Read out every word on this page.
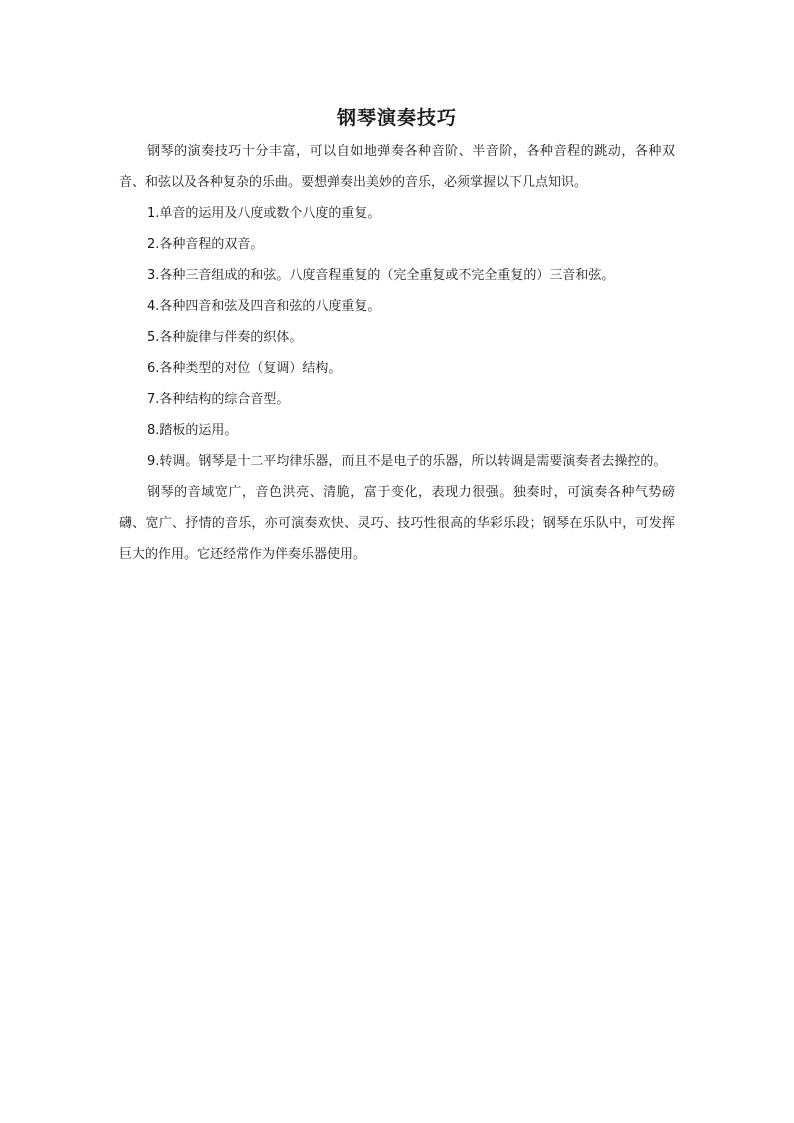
钢琴演奏技巧

钢琴的演奏技巧十分丰富，可以自如地弹奏各种音阶、半音阶，各种音程的跳动，各种双音、和弦以及各种复杂的乐曲。要想弹奏出美妙的音乐，必须掌握以下几点知识。

1.单音的运用及八度或数个八度的重复。

2.各种音程的双音。

3.各种三音组成的和弦。八度音程重复的（完全重复或不完全重复的）三音和弦。

4.各种四音和弦及四音和弦的八度重复。

5.各种旋律与伴奏的织体。

6.各种类型的对位（复调）结构。

7.各种结构的综合音型。

8.踏板的运用。

9.转调。钢琴是十二平均律乐器，而且不是电子的乐器，所以转调是需要演奏者去操控的。

钢琴的音域宽广，音色洪亮、清脆，富于变化，表现力很强。独奏时，可演奏各种气势磅礴、宽广、抒情的音乐，亦可演奏欢快、灵巧、技巧性很高的华彩乐段；钢琴在乐队中，可发挥巨大的作用。它还经常作为伴奏乐器使用。
